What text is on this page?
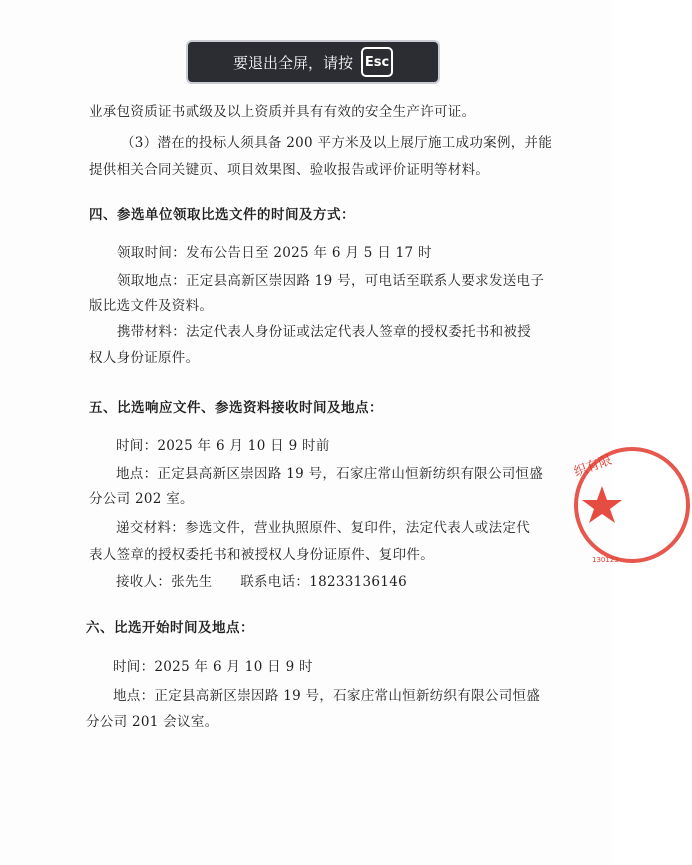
业承包资质证书贰级及以上资质并具有有效的安全生产许可证。
（3）潜在的投标人须具备 200 平方米及以上展厅施工成功案例，并能
提供相关合同关键页、项目效果图、验收报告或评价证明等材料。
四、参选单位领取比选文件的时间及方式：
领取时间：发布公告日至 2025 年 6 月 5 日 17 时
领取地点：正定县高新区崇因路 19 号，可电话至联系人要求发送电子
版比选文件及资料。
携带材料：法定代表人身份证或法定代表人签章的授权委托书和被授
权人身份证原件。
五、比选响应文件、参选资料接收时间及地点：
时间：2025 年 6 月 10 日 9 时前
地点：正定县高新区崇因路 19 号，石家庄常山恒新纺织有限公司恒盛
分公司 202 室。
递交材料：参选文件，营业执照原件、复印件，法定代表人或法定代
表人签章的授权委托书和被授权人身份证原件、复印件。
接收人：张先生　　联系电话：18233136146
六、比选开始时间及地点：
时间：2025 年 6 月 10 日 9 时
地点：正定县高新区崇因路 19 号，石家庄常山恒新纺织有限公司恒盛
分公司 201 会议室。
织有限
130123
要退出全屏，请按 Esc
